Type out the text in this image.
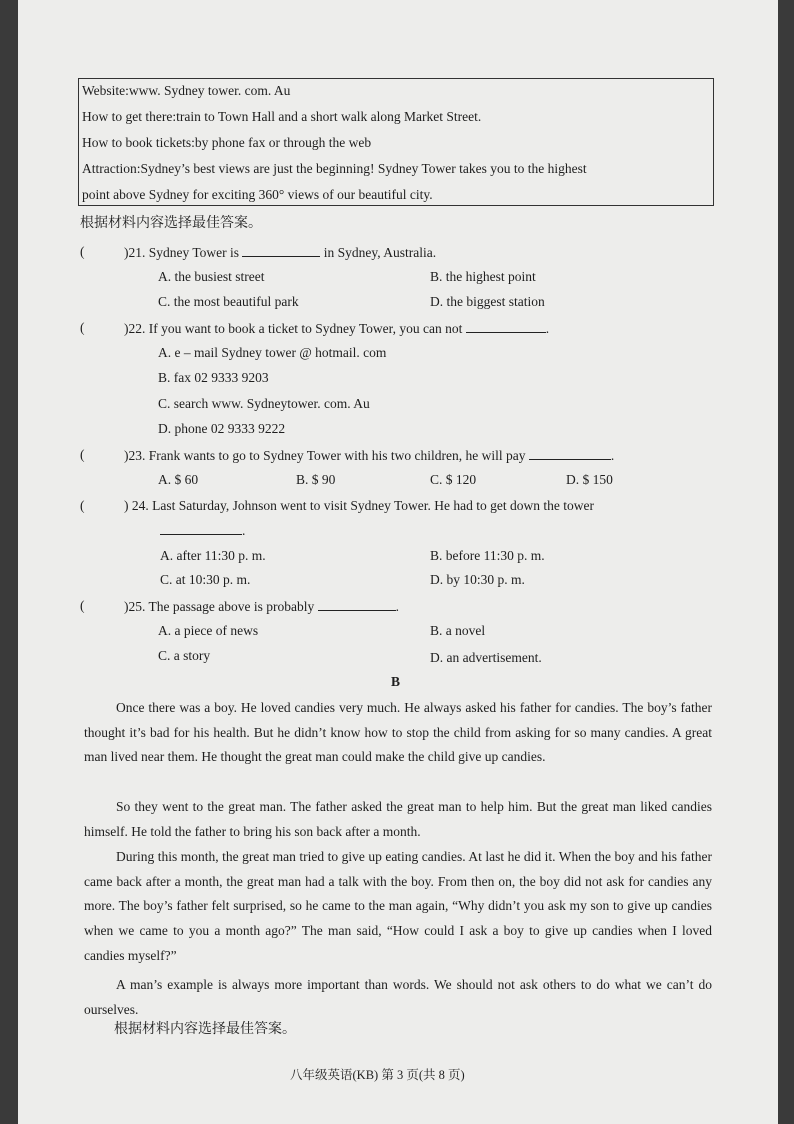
Website:www. Sydney tower. com. Au
How to get there:train to Town Hall and a short walk along Market Street.
How to book tickets:by phone fax or through the web
Attraction:Sydney’s best views are just the beginning! Sydney Tower takes you to the highest
point above Sydney for exciting 360° views of our beautiful city.
根据材料内容选择最佳答案。
(	)21. Sydney Tower is	in Sydney, Australia.
A. the busiest street	B. the highest point
C. the most beautiful park	D. the biggest station
(	)22. If you want to book a ticket to Sydney Tower, you can not	.
A. e – mail Sydney tower @ hotmail. com
B. fax 02 9333 9203
C. search www. Sydneytower. com. Au
D. phone 02 9333 9222
(	)23. Frank wants to go to Sydney Tower with his two children, he will pay	.
A. $ 60	B. $ 90	C. $ 120	D. $ 150
(	) 24. Last Saturday, Johnson went to visit Sydney Tower. He had to get down the tower
.
A. after 11:30 p. m.	B. before 11:30 p. m.
C. at 10:30 p. m.	D. by 10:30 p. m.
(	)25. The passage above is probably	.
A. a piece of news	B. a novel
C. a story	D. an advertisement.
B
Once there was a boy. He loved candies very much. He always asked his father for candies. The boy’s father thought it’s bad for his health. But he didn’t know how to stop the child from asking for so many candies. A great man lived near them. He thought the great man could make the child give up candies.
So they went to the great man. The father asked the great man to help him. But the great man liked candies himself. He told the father to bring his son back after a month.
During this month, the great man tried to give up eating candies. At last he did it. When the boy and his father came back after a month, the great man had a talk with the boy. From then on, the boy did not ask for candies any more. The boy’s father felt surprised, so he came to the man again, “Why didn’t you ask my son to give up candies when we came to you a month ago?” The man said, “How could I ask a boy to give up candies when I loved candies myself?”
A man’s example is always more important than words. We should not ask others to do what we can’t do ourselves.
根据材料内容选择最佳答案。
八年级英语(KB) 第 3 页(共 8 页)
